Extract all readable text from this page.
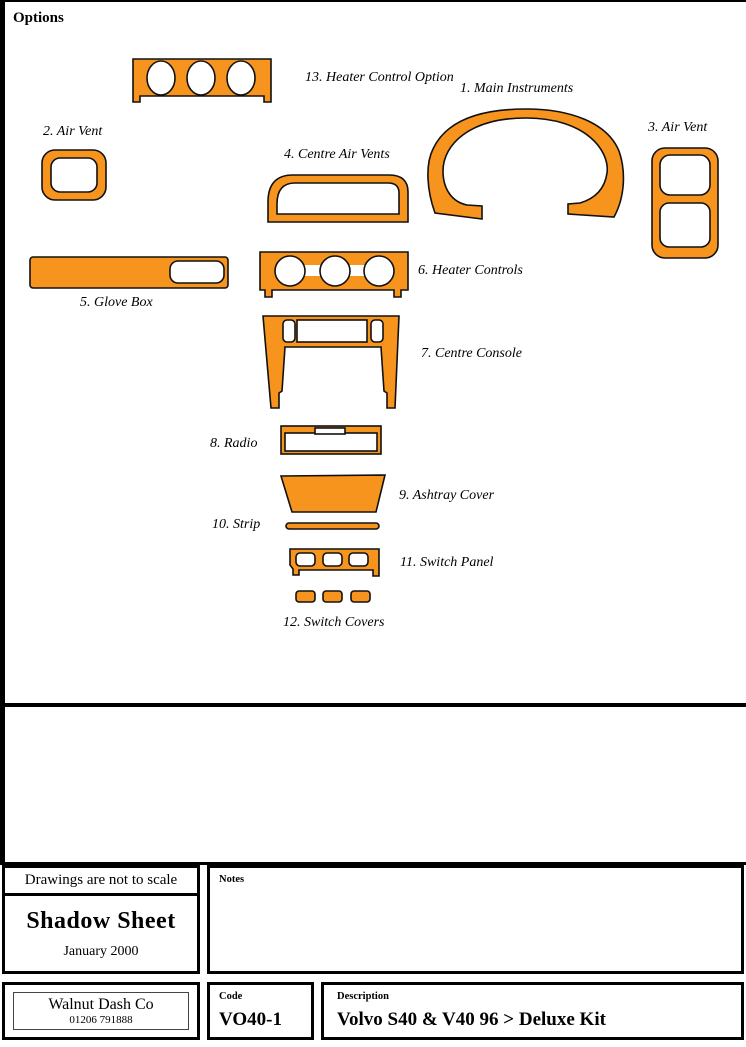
1. Main Instruments
2. Air Vent	3. Air Vent
4. Centre Air Vents
5. Glove Box
6. Heater Controls
7. Centre Console
8. Radio
9. Ashtray Cover
10. Strip
11. Switch Panel
12. Switch Covers
Options
13. Heater Control Option
Drawings are not to scale
Shadow Sheet
January 2000
Notes
Walnut Dash Co
01206 791888
Code
VO40-1
Description
Volvo S40 & V40 96 > Deluxe Kit
